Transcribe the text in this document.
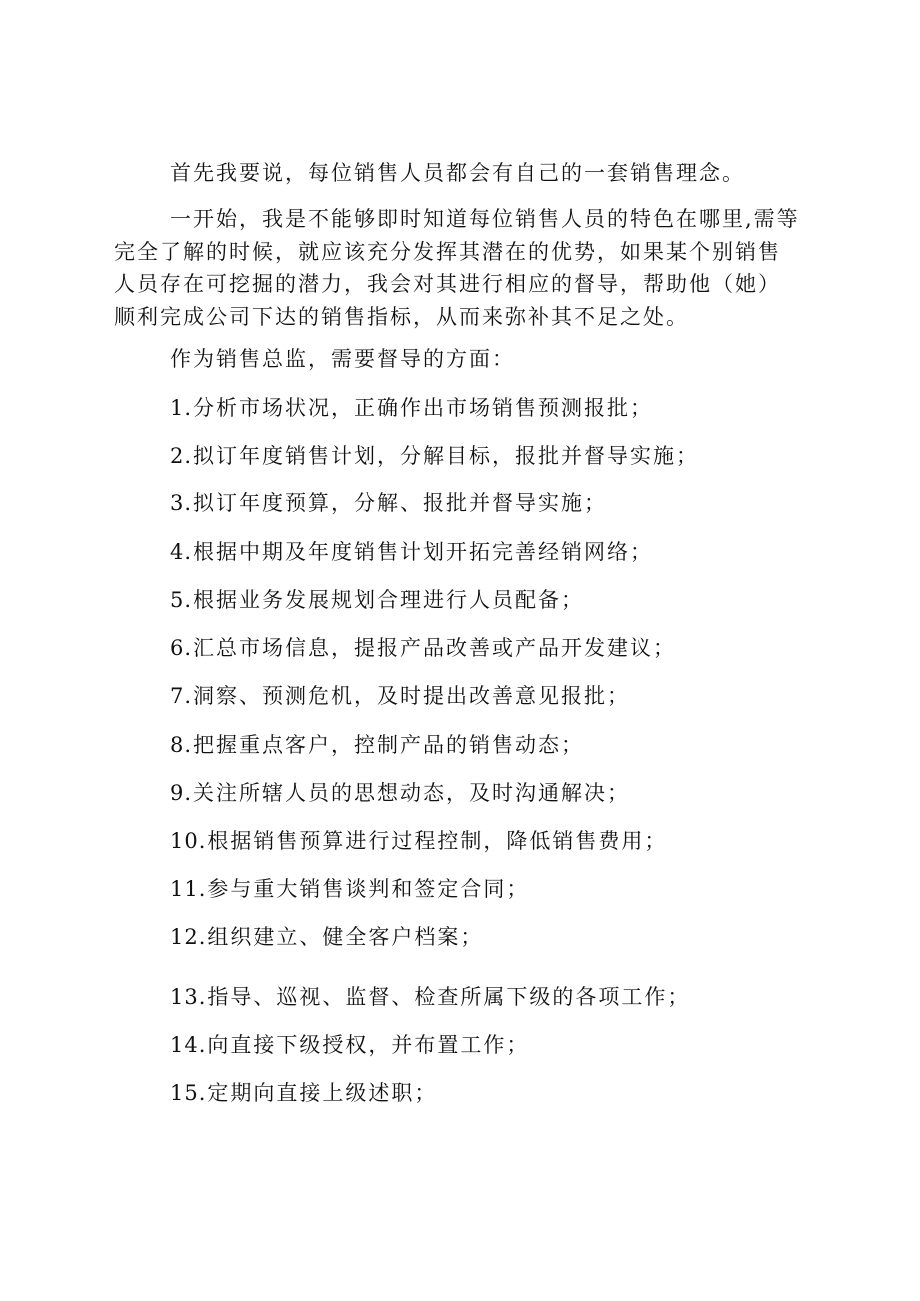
首先我要说，每位销售人员都会有自己的一套销售理念。

一开始，我是不能够即时知道每位销售人员的特色在哪里,需等
完全了解的时候，就应该充分发挥其潜在的优势，如果某个别销售
人员存在可挖掘的潜力，我会对其进行相应的督导，帮助他（她）
顺利完成公司下达的销售指标，从而来弥补其不足之处。

作为销售总监，需要督导的方面：

1.分析市场状况，正确作出市场销售预测报批；

2.拟订年度销售计划，分解目标，报批并督导实施；

3.拟订年度预算，分解、报批并督导实施；

4.根据中期及年度销售计划开拓完善经销网络；

5.根据业务发展规划合理进行人员配备；

6.汇总市场信息，提报产品改善或产品开发建议；

7.洞察、预测危机，及时提出改善意见报批；

8.把握重点客户，控制产品的销售动态；

9.关注所辖人员的思想动态，及时沟通解决；

10.根据销售预算进行过程控制，降低销售费用；

11.参与重大销售谈判和签定合同；

12.组织建立、健全客户档案；

13.指导、巡视、监督、检查所属下级的各项工作；

14.向直接下级授权，并布置工作；

15.定期向直接上级述职；
